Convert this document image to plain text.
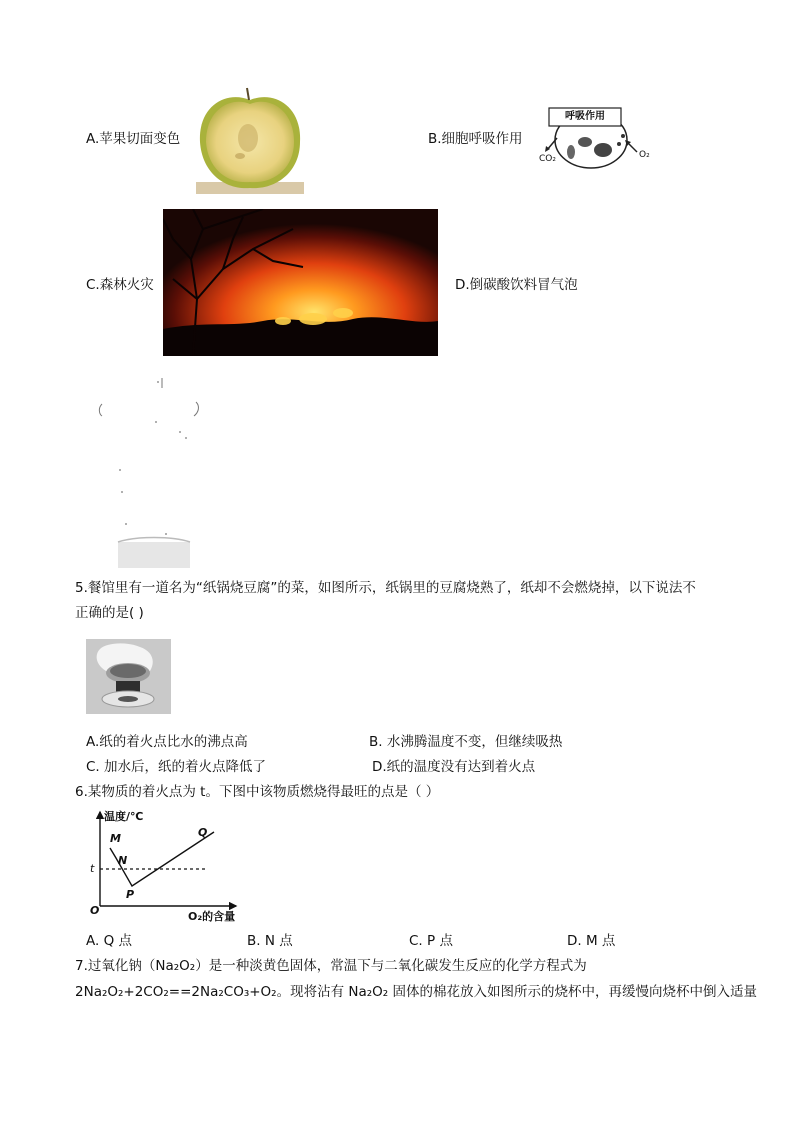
A.苹果切面变色	B.细胞呼吸作用
呼吸作用
CO₂	O₂
C.森林火灾	D.倒碳酸饮料冒气泡
5.餐馆里有一道名为“纸锅烧豆腐”的菜，如图所示，纸锅里的豆腐烧熟了，纸却不会燃烧掉，以下说法不
正确的是( )
A.纸的着火点比水的沸点高	B. 水沸腾温度不变，但继续吸热
C. 加水后，纸的着火点降低了	D.纸的温度没有达到着火点
6.某物质的着火点为 t。下图中该物质燃烧得最旺的点是（ ）
温度/℃
O₂的含量
O
t
M
N
P
Q
A. Q 点	B. N 点	C. P 点	D. M 点
7.过氧化钠（Na₂O₂）是一种淡黄色固体，常温下与二氧化碳发生反应的化学方程式为
2Na₂O₂+2CO₂==2Na₂CO₃+O₂。现将沾有 Na₂O₂ 固体的棉花放入如图所示的烧杯中，再缓慢向烧杯中倒入适量
